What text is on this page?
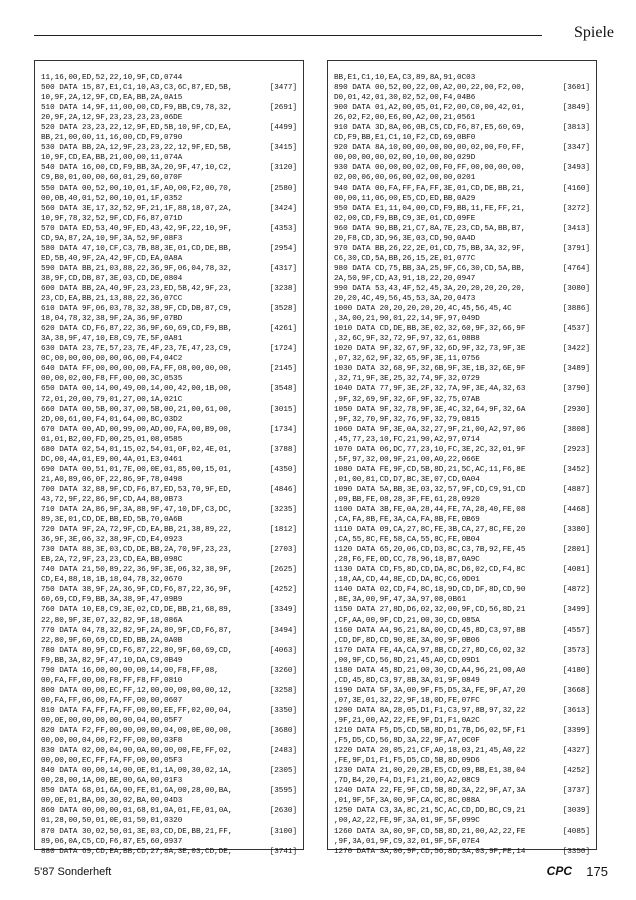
Spiele
11,16,00,ED,52,22,10,9F,CD,0744
500 DATA 15,87,E1,C1,10,A3,C3,6C,87,ED,5B,	[3477]
10,9F,2A,12,9F,CD,EA,BB,2A,0A15
510 DATA 14,9F,11,00,00,CD,F9,BB,C9,78,32,	[2691]
20,9F,2A,12,9F,23,23,23,23,06DE
520 DATA 23,23,22,12,9F,ED,5B,10,9F,CD,EA,	[4499]
BB,21,00,00,11,16,00,CD,F9,0790
530 DATA BB,2A,12,9F,23,23,22,12,9F,ED,5B,	[3415]
10,9F,CD,EA,BB,21,00,00,11,074A
540 DATA 16,00,CD,F9,BB,3A,20,9F,47,10,C2,	[3120]
C9,B0,01,00,00,60,01,29,60,070F
550 DATA 00,52,00,10,01,1F,A0,00,F2,00,70,	[2580]
00,0B,40,01,52,00,10,01,1F,0352
560 DATA 3E,17,32,52,9F,21,1F,88,18,07,2A,	[3424]
10,9F,78,32,52,9F,CD,F6,87,071D
570 DATA ED,53,40,9F,ED,43,42,9F,22,10,9F,	[4353]
CD,9A,87,2A,10,9F,3A,52,9F,08F3
580 DATA 47,10,CF,C3,7B,88,3E,01,CD,DE,BB,	[2954]
ED,5B,40,9F,2A,42,9F,CD,EA,0A8A
590 DATA BB,21,03,88,22,36,9F,06,04,78,32,	[4317]
38,9F,CD,DB,87,3E,03,CD,DE,0804
600 DATA BB,2A,40,9F,23,23,ED,5B,42,9F,23,	[3238]
23,CD,EA,BB,21,13,88,22,36,07CC
610 DATA 9F,06,03,78,32,38,9F,CD,DB,87,C9,	[3528]
18,04,78,32,38,9F,2A,36,9F,07BD
620 DATA CD,F6,87,22,36,9F,60,69,CD,F9,BB,	[4261]
3A,38,9F,47,10,E8,C9,7E,5F,0A81
630 DATA 23,7E,57,23,7E,4F,23,7E,47,23,C9,	[1724]
0C,00,00,00,00,00,06,00,F4,04C2
640 DATA FF,00,00,00,00,FA,FF,08,00,00,00,	[2145]
00,00,02,00,F8,FF,00,00,3C,0535
650 DATA 00,14,00,49,00,14,00,42,00,1B,00,	[3548]
72,01,20,00,79,01,27,00,1A,021C
660 DATA 00,5B,00,37,00,5B,00,21,00,61,00,	[3015]
2D,00,61,00,F4,01,64,00,8C,03D2
670 DATA 00,AD,00,99,00,AD,00,FA,00,B9,00,	[1734]
01,01,B2,00,FD,00,25,01,08,0585
680 DATA 02,54,01,15,02,54,01,0F,02,4E,01,	[3788]
DC,00,4A,01,E9,00,4A,01,E3,0461
690 DATA 00,51,01,7E,00,0E,01,85,00,15,01,	[4350]
21,A0,89,06,0F,22,86,9F,78,0498
700 DATA 32,88,9F,CD,F6,87,ED,53,70,9F,ED,	[4846]
43,72,9F,22,86,9F,CD,A4,88,0B73
710 DATA 2A,86,9F,3A,88,9F,47,10,DF,C3,DC,	[3235]
89,3E,01,CD,DE,BB,ED,5B,70,0A6B
720 DATA 9F,2A,72,9F,CD,EA,BB,21,38,89,22,	[1812]
36,9F,3E,06,32,38,9F,CD,E4,0923
730 DATA 88,3E,03,CD,DE,BB,2A,70,9F,23,23,	[2703]
EB,2A,72,9F,23,23,CD,EA,BB,098C
740 DATA 21,50,89,22,36,9F,3E,06,32,38,9F,	[2625]
CD,E4,88,18,1B,18,04,78,32,0670
750 DATA 38,9F,2A,36,9F,CD,F6,87,22,36,9F,	[4252]
60,69,CD,F9,BB,3A,38,9F,47,09B9
760 DATA 10,E8,C9,3E,02,CD,DE,BB,21,68,89,	[3349]
22,80,9F,3E,07,32,82,9F,18,086A
770 DATA 04,78,32,82,9F,2A,80,9F,CD,F6,87,	[3494]
22,80,9F,60,69,CD,ED,BB,2A,0A0B
780 DATA 80,9F,CD,F6,87,22,80,9F,60,69,CD,	[4063]
F9,BB,3A,82,9F,47,10,DA,C9,0B49
790 DATA 16,00,00,00,00,14,00,F8,FF,08,	[3260]
00,FA,FF,00,00,F8,FF,F8,FF,0810
800 DATA 00,00,EC,FF,12,00,00,00,00,00,12,	[3258]
00,FA,FF,06,00,FA,FF,00,00,0607
810 DATA FA,FF,FA,FF,00,00,EE,FF,02,00,04,	[3350]
00,0E,00,00,00,00,00,04,00,05F7
820 DATA F2,FF,00,00,00,00,04,00,0E,00,00,	[3680]
00,00,00,04,00,F2,FF,00,00,03F8
830 DATA 02,00,04,00,0A,00,00,00,FE,FF,02,	[2483]
00,00,00,EC,FF,FA,FF,00,00,05F3
840 DATA 00,00,14,00,0E,01,1A,00,30,02,1A,	[2305]
00,28,00,1A,00,BE,00,6A,00,01F3
850 DATA 68,01,6A,00,FE,01,6A,00,28,00,BA,	[3595]
00,0E,01,BA,00,30,02,BA,00,04D3
860 DATA 00,00,00,01,68,01,0A,01,FE,01,0A,	[2630]
01,28,00,50,01,0E,01,50,01,0320
870 DATA 30,02,50,01,3E,03,CD,DE,BB,21,FF,	[3100]
89,06,0A,C5,CD,F6,87,E5,60,0937
880 DATA 69,CD,EA,BB,CD,27,8A,3E,03,CD,DE,	[3741]
BB,E1,C1,10,EA,C3,89,8A,91,0C03
890 DATA 00,52,00,22,00,A2,00,22,00,F2,00,	[3601]
D0,01,42,01,30,02,52,00,F4,04B6
900 DATA 01,A2,00,05,01,F2,00,C0,00,42,01,	[3849]
26,02,F2,00,E6,00,A2,00,21,0561
910 DATA 3D,8A,06,0B,C5,CD,F6,87,E5,60,69,	[3813]
CD,F9,BB,E1,C1,10,F2,CD,69,0BF0
920 DATA 8A,10,00,00,00,00,00,02,00,F0,FF,	[3347]
00,00,00,00,02,00,10,00,00,029D
930 DATA 00,00,00,02,00,F0,FF,00,00,00,00,	[3493]
02,00,06,00,06,00,02,00,00,0201
940 DATA 00,FA,FF,FA,FF,3E,01,CD,DE,BB,21,	[4160]
00,00,11,06,00,E5,CD,ED,BB,0A29
950 DATA E1,11,04,00,CD,F9,BB,11,FE,FF,21,	[3272]
02,00,CD,F9,BB,C9,3E,01,CD,09FE
960 DATA 90,BB,21,C7,8A,7E,23,CD,5A,BB,B7,	[3413]
20,F8,CD,3D,96,3E,03,CD,90,0A4D
970 DATA BB,26,22,2E,01,CD,75,BB,3A,32,9F,	[3791]
C6,30,CD,5A,BB,26,15,2E,01,077C
980 DATA CD,75,BB,3A,25,9F,C6,30,CD,5A,BB,	[4764]
2A,50,9F,CD,A3,91,18,22,20,0947
990 DATA 53,43,4F,52,45,3A,20,20,20,20,20,	[3080]
20,20,4C,49,56,45,53,3A,20,0473
1000 DATA 20,20,20,20,20,4C,45,56,45,4C	[3886]
,3A,00,21,90,01,22,14,9F,97,049D
1010 DATA CD,DE,BB,3E,02,32,60,9F,32,66,9F	[4537]
,32,6C,9F,32,72,9F,97,32,61,08B8
1020 DATA 9F,32,67,9F,32,6D,9F,32,73,9F,3E	[3422]
,07,32,62,9F,32,65,9F,3E,11,0756
1030 DATA 32,68,9F,32,6B,9F,3E,1B,32,6E,9F	[3489]
,32,71,9F,3E,25,32,74,9F,32,0729
1040 DATA 77,9F,3E,2F,32,7A,9F,3E,4A,32,63	[3790]
,9F,32,69,9F,32,6F,9F,32,75,07AB
1050 DATA 9F,32,78,9F,3E,4C,32,64,9F,32,6A	[2930]
,9F,32,70,9F,32,76,9F,32,79,0815
1060 DATA 9F,3E,0A,32,27,9F,21,00,A2,97,06	[3808]
,45,77,23,10,FC,21,90,A2,97,0714
1070 DATA 06,DC,77,23,10,FC,3E,2C,32,01,9F	[2923]
,5F,97,32,00,9F,21,00,A0,22,066E
1080 DATA FE,9F,CD,5B,8D,21,5C,AC,11,F6,8E	[3452]
,01,00,81,CD,D7,BC,3E,07,CD,0A04
1090 DATA 5A,BB,3E,03,32,57,9F,CD,C9,91,CD	[4887]
,09,BB,FE,08,28,3F,FE,61,28,0920
1100 DATA 3B,FE,0A,28,44,FE,7A,28,40,FE,08	[4468]
,CA,FA,8B,FE,3A,CA,FA,8B,FE,0B69
1110 DATA 09,CA,27,8C,FE,3B,CA,27,8C,FE,20	[3380]
,CA,55,8C,FE,58,CA,55,8C,FE,0B04
1120 DATA 65,20,06,CD,D3,8C,C3,7B,92,FE,45	[2801]
,28,F6,FE,0D,CC,78,96,18,B7,0A9C
1130 DATA CD,F5,8D,CD,DA,8C,D6,02,CD,F4,8C	[4081]
,18,AA,CD,44,8E,CD,DA,8C,C6,0D01
1140 DATA 02,CD,F4,8C,18,9D,CD,DF,8D,CD,90	[4872]
,8E,3A,00,9F,47,3A,97,08,0B61
1150 DATA 27,8D,D6,02,32,00,9F,CD,56,8D,21	[3499]
,CF,AA,00,9F,CD,21,00,30,CD,085A
1160 DATA A4,96,21,8A,00,CD,45,8D,C3,97,8B	[4557]
,CD,DF,8D,CD,90,8E,3A,00,9F,0B06
1170 DATA FE,4A,CA,97,8B,CD,27,8D,C6,02,32	[3573]
,00,9F,CD,56,8D,21,45,A0,CD,09D1
1180 DATA 45,8D,21,00,30,CD,A4,96,21,00,A0	[4180]
,CD,45,8D,C3,97,8B,3A,01,9F,0849
1190 DATA 5F,3A,00,9F,F5,D5,3A,FE,9F,A7,20	[3668]
,07,3E,01,32,22,9F,18,0D,FE,07FC
1200 DATA 8A,28,05,D1,F1,C3,97,8B,97,32,22	[3613]
,9F,21,00,A2,22,FE,9F,D1,F1,0A2C
1210 DATA F5,D5,CD,5B,8D,D1,7B,D6,02,5F,F1	[3399]
,F5,D5,CD,56,8D,3A,22,9F,A7,0C0F
1220 DATA 20,05,21,CF,A0,18,03,21,45,A0,22	[4327]
,FE,9F,D1,F1,F5,D5,CD,5B,8D,09D6
1230 DATA 21,00,20,2B,E5,CD,09,BB,E1,38,04	[4252]
,7D,B4,20,F4,D1,F1,21,00,A2,08C9
1240 DATA 22,FE,9F,CD,5B,8D,3A,22,9F,A7,3A	[3737]
,01,9F,5F,3A,00,9F,CA,0C,8C,088A
1250 DATA C3,3A,8C,21,5C,AC,CD,DD,BC,C9,21	[3039]
,00,A2,22,FE,9F,3A,01,9F,5F,099C
1260 DATA 3A,00,9F,CD,5B,8D,21,00,A2,22,FE	[4085]
,9F,3A,01,9F,C9,32,01,9F,5F,07E4
1270 DATA 3A,00,9F,CD,56,8D,3A,03,9F,FE,14	[3350]
5'87 Sonderheft	CPC 175
